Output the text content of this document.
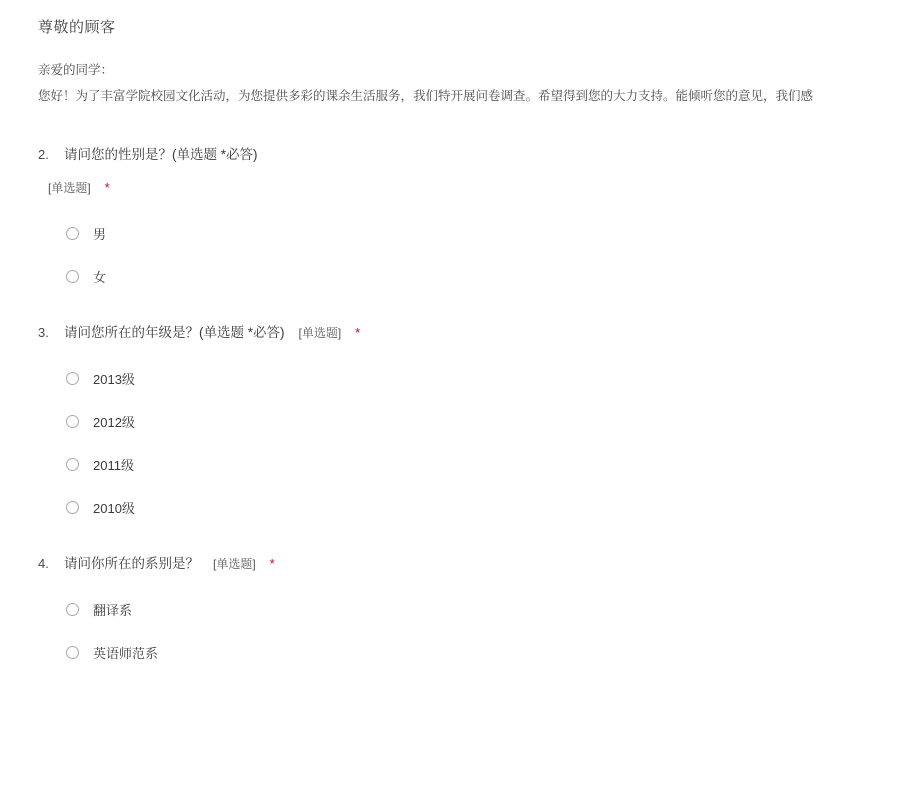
尊敬的顾客
亲爱的同学：
您好！为了丰富学院校园文化活动，为您提供多彩的课余生活服务，我们特开展问卷调查。希望得到您的大力支持。能倾听您的意见，我们感
2.	请问您的性别是？(单选题 *必答)
[单选题] *
男
女
3.	请问您所在的年级是？(单选题 *必答) [单选题] *
2013级
2012级
2011级
2010级
4.	请问你所在的系别是？ [单选题] *
翻译系
英语师范系
